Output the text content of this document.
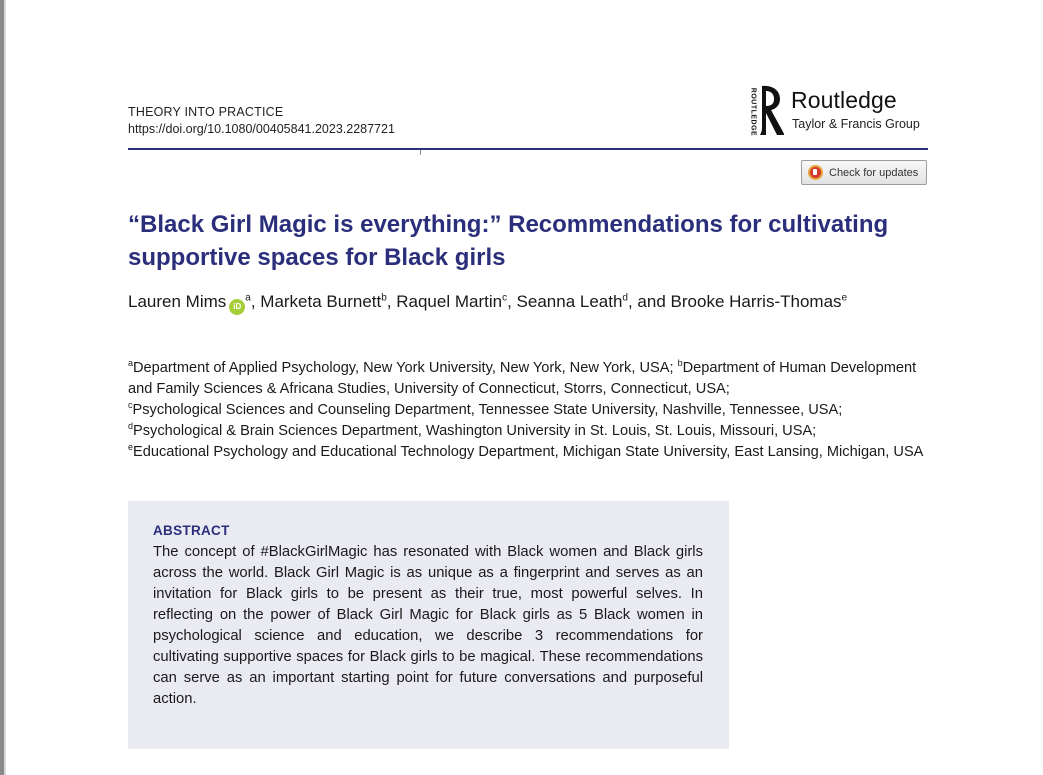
THEORY INTO PRACTICE
https://doi.org/10.1080/00405841.2023.2287721	ROUTLEDGE Routledge
Taylor & Francis Group
Check for updates
“Black Girl Magic is everything:” Recommendations for cultivating supportive spaces for Black girls
Lauren Mims $iD^a$, Marketa Burnett$^b$, Raquel Martin$^c$, Seanna Leath$^d$, and Brooke Harris-Thomas$^e$
$^a$Department of Applied Psychology, New York University, New York, New York, USA; $^b$Department of Human Development and Family Sciences & Africana Studies, University of Connecticut, Storrs, Connecticut, USA;
$^c$Psychological Sciences and Counseling Department, Tennessee State University, Nashville, Tennessee, USA;
$^d$Psychological & Brain Sciences Department, Washington University in St. Louis, St. Louis, Missouri, USA;
$^e$Educational Psychology and Educational Technology Department, Michigan State University, East Lansing, Michigan, USA
ABSTRACT

The concept of #BlackGirlMagic has resonated with Black women and Black girls across the world. Black Girl Magic is as unique as a fingerprint and serves as an invitation for Black girls to be present as their true, most powerful selves. In reflecting on the power of Black Girl Magic for Black girls as 5 Black women in psychological science and education, we describe 3 recommendations for cultivating supportive spaces for Black girls to be magical. These recommendations can serve as an important starting point for future conversations and purposeful action.
